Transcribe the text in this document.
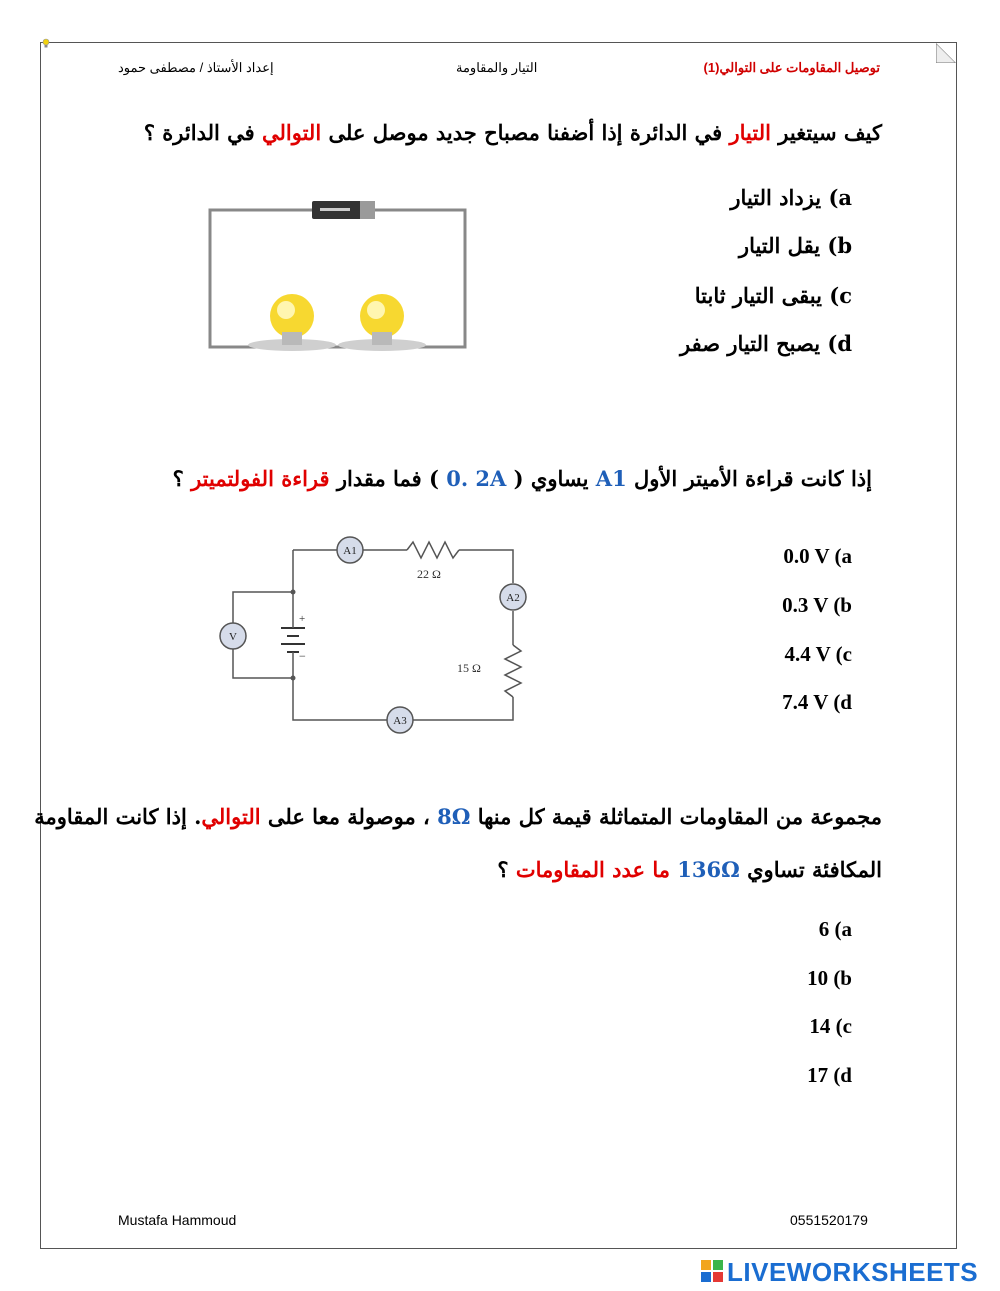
إعداد الأستاذ / مصطفى حمود	التيار والمقاومة	توصيل المقاومات على التوالي(1)
كيف سيتغير التيار في الدائرة إذا أضفنا مصباح جديد موصل على التوالي في الدائرة ؟
a) يزداد التيار
b) يقل التيار
c) يبقى التيار ثابتا
d) يصبح التيار صفر
إذا كانت قراءة الأميتر الأول A1 يساوي ( 0. 2A ) فما مقدار قراءة الفولتميتر ؟
0.0 V (a
0.3 V (b
4.4 V (c
7.4 V (d
+
−
A1
A2
A3
V
22 Ω
15 Ω
مجموعة من المقاومات المتماثلة قيمة كل منها 8Ω ، موصولة معا على التوالي. إذا كانت المقاومة
المكافئة تساوي 136Ω ما عدد المقاومات ؟
6 (a
10 (b
14 (c
17 (d
Mustafa Hammoud	0551520179
LIVEWORKSHEETS
